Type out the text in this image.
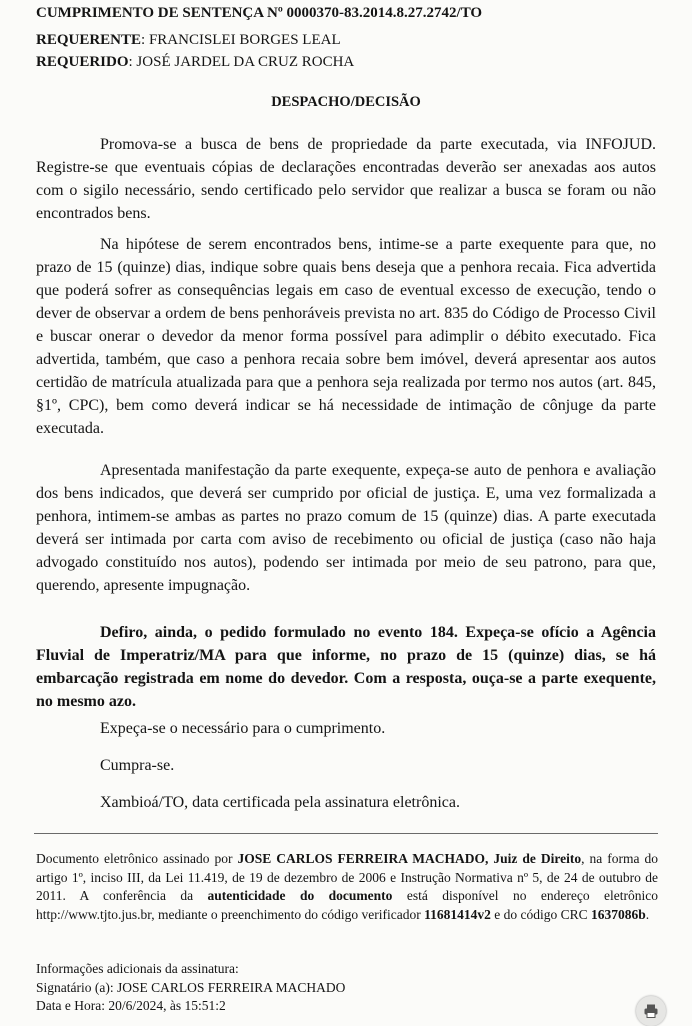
CUMPRIMENTO DE SENTENÇA Nº 0000370-83.2014.8.27.2742/TO
REQUERENTE: FRANCISLEI BORGES LEAL
REQUERIDO: JOSÉ JARDEL DA CRUZ ROCHA
DESPACHO/DECISÃO

Promova-se a busca de bens de propriedade da parte executada, via INFOJUD. Registre-se que eventuais cópias de declarações encontradas deverão ser anexadas aos autos com o sigilo necessário, sendo certificado pelo servidor que realizar a busca se foram ou não encontrados bens.

Na hipótese de serem encontrados bens, intime-se a parte exequente para que, no prazo de 15 (quinze) dias, indique sobre quais bens deseja que a penhora recaia. Fica advertida que poderá sofrer as consequências legais em caso de eventual excesso de execução, tendo o dever de observar a ordem de bens penhoráveis prevista no art. 835 do Código de Processo Civil e buscar onerar o devedor da menor forma possível para adimplir o débito executado. Fica advertida, também, que caso a penhora recaia sobre bem imóvel, deverá apresentar aos autos certidão de matrícula atualizada para que a penhora seja realizada por termo nos autos (art. 845, §1º, CPC), bem como deverá indicar se há necessidade de intimação de cônjuge da parte executada.

Apresentada manifestação da parte exequente, expeça-se auto de penhora e avaliação dos bens indicados, que deverá ser cumprido por oficial de justiça. E, uma vez formalizada a penhora, intimem-se ambas as partes no prazo comum de 15 (quinze) dias. A parte executada deverá ser intimada por carta com aviso de recebimento ou oficial de justiça (caso não haja advogado constituído nos autos), podendo ser intimada por meio de seu patrono, para que, querendo, apresente impugnação.

Defiro, ainda, o pedido formulado no evento 184. Expeça-se ofício a Agência Fluvial de Imperatriz/MA para que informe, no prazo de 15 (quinze) dias, se há embarcação registrada em nome do devedor. Com a resposta, ouça-se a parte exequente, no mesmo azo.

Expeça-se o necessário para o cumprimento.
Cumpra-se.
Xambioá/TO, data certificada pela assinatura eletrônica.
Documento eletrônico assinado por JOSE CARLOS FERREIRA MACHADO, Juiz de Direito, na forma do artigo 1º, inciso III, da Lei 11.419, de 19 de dezembro de 2006 e Instrução Normativa nº 5, de 24 de outubro de 2011. A conferência da autenticidade do documento está disponível no endereço eletrônico http://www.tjto.jus.br, mediante o preenchimento do código verificador 11681414v2 e do código CRC 1637086b.
Informações adicionais da assinatura:
Signatário (a): JOSE CARLOS FERREIRA MACHADO
Data e Hora: 20/6/2024, às 15:51:2
